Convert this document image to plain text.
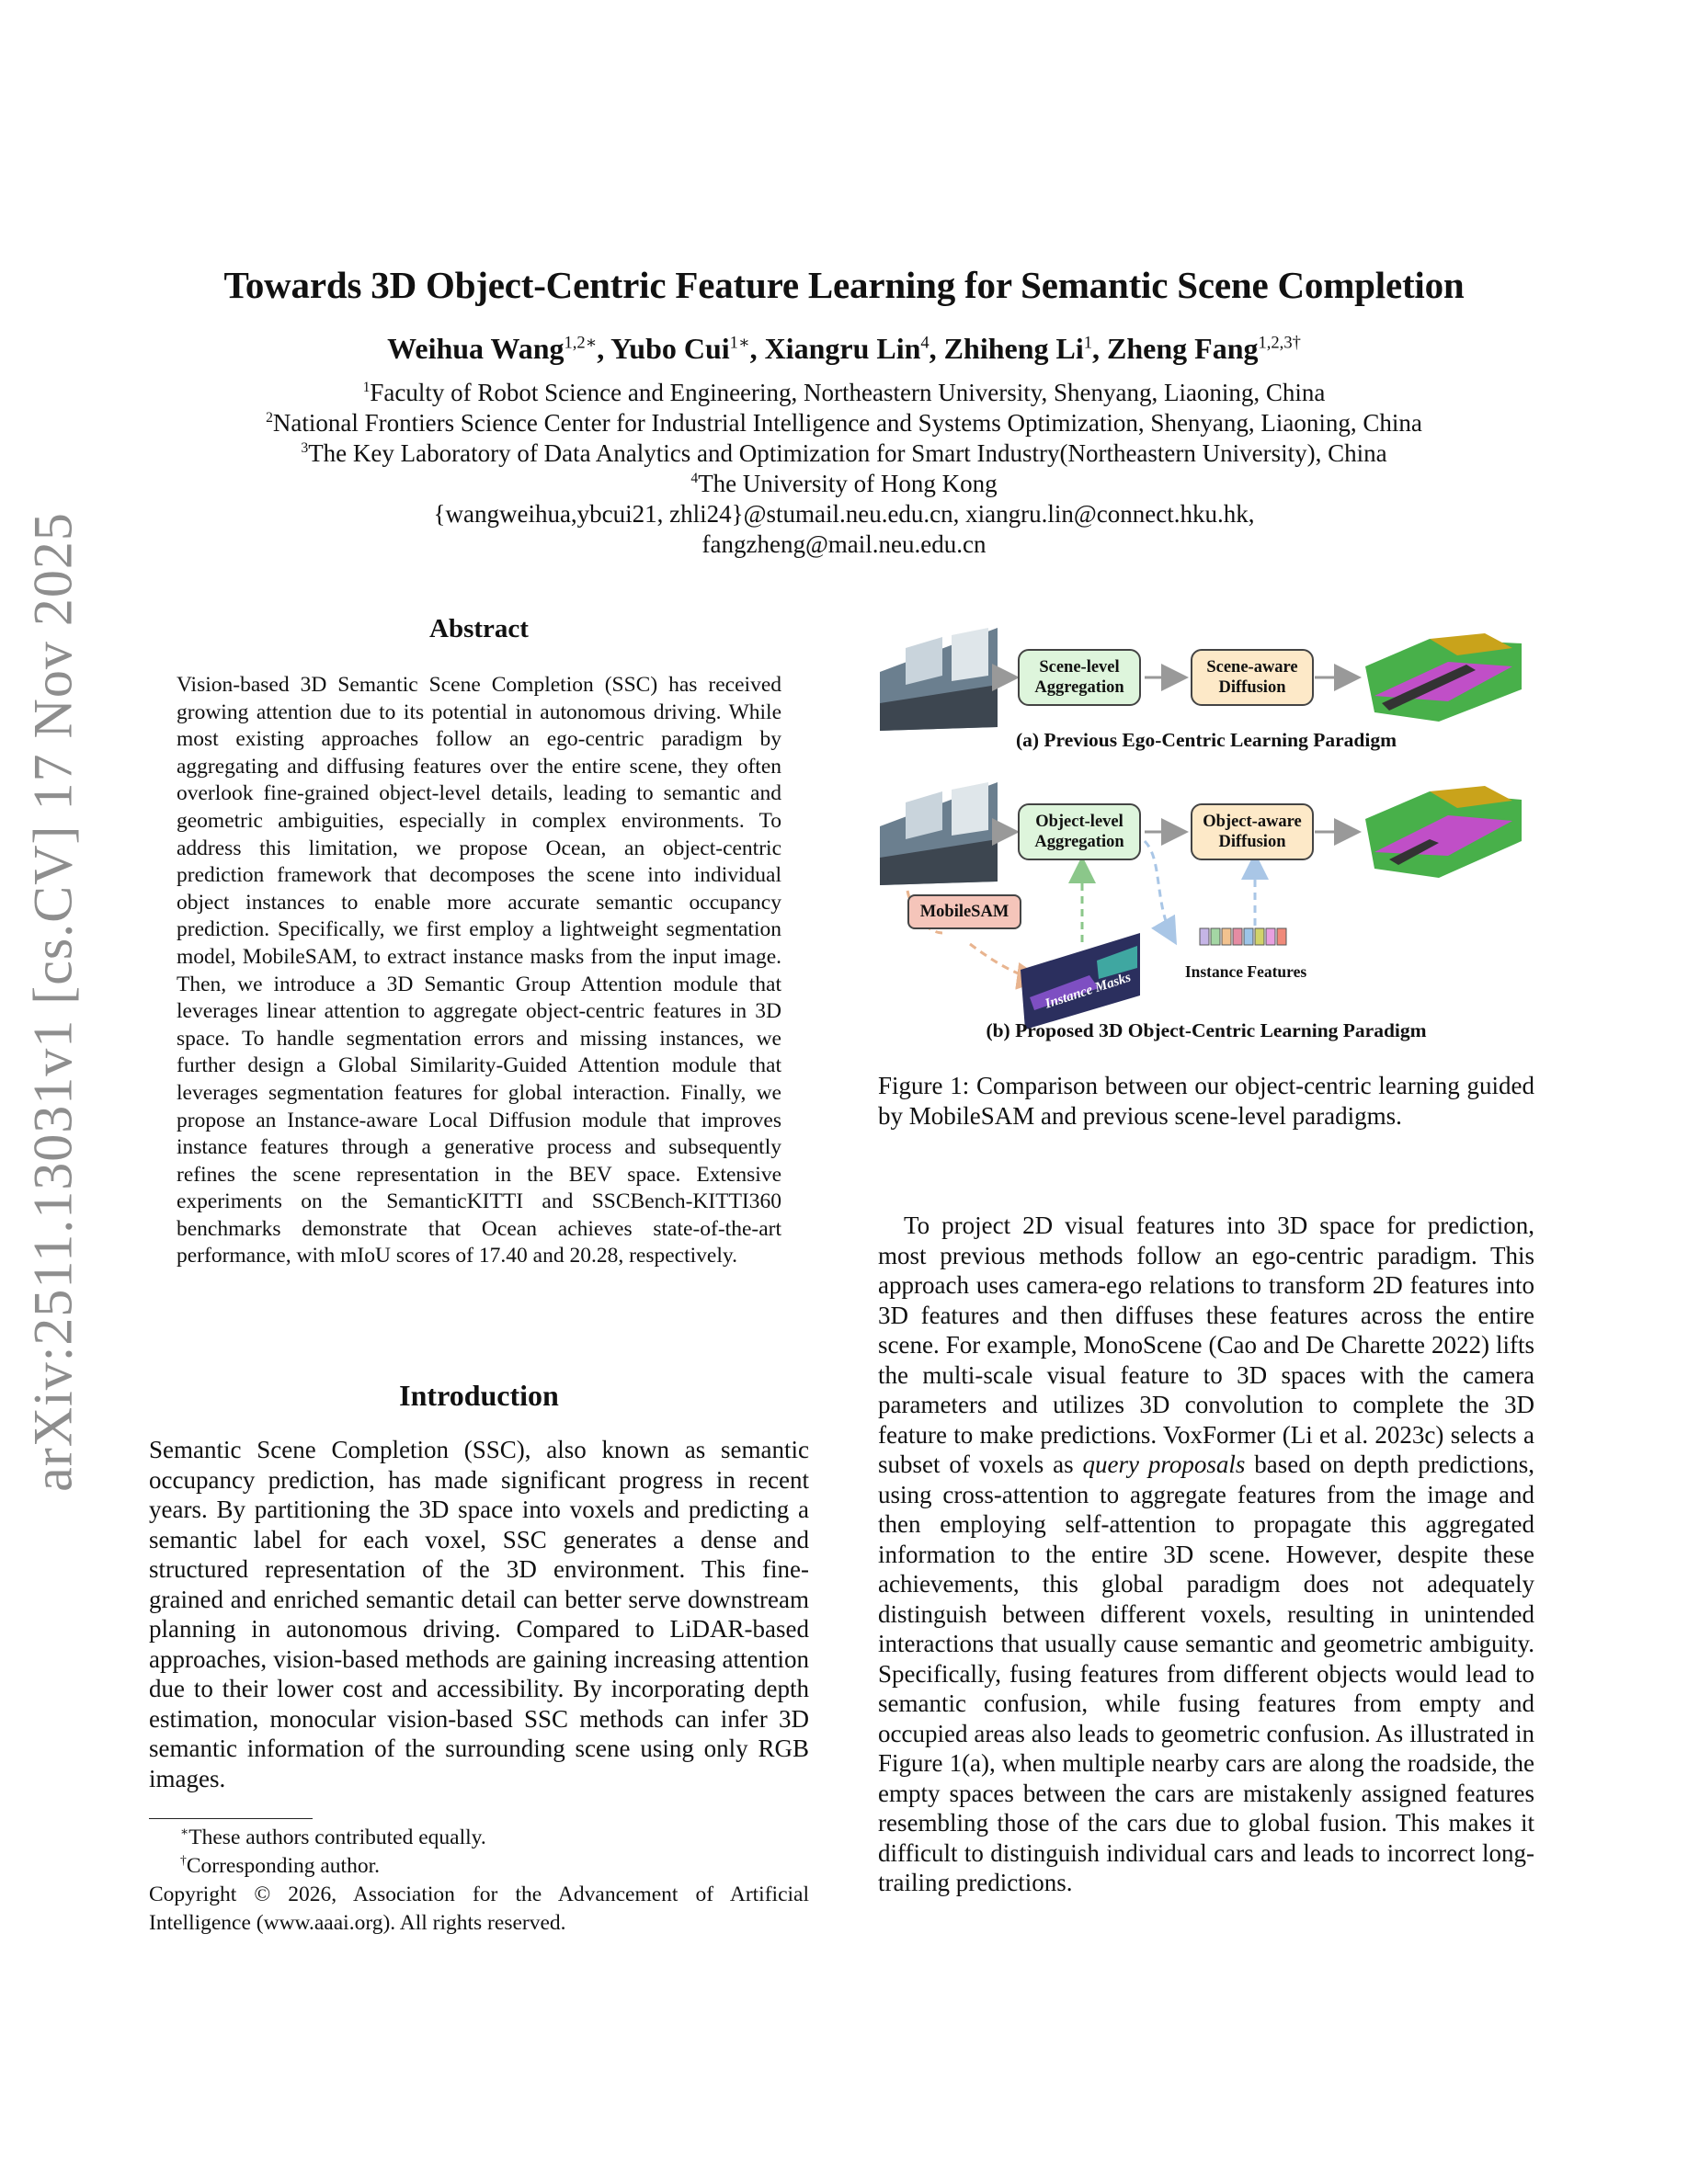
arXiv:2511.13031v1 [cs.CV] 17 Nov 2025
Towards 3D Object-Centric Feature Learning for Semantic Scene Completion
Weihua Wang$^{1,2∗}$, Yubo Cui$^{1∗}$, Xiangru Lin$^4$, Zhiheng Li$^1$, Zheng Fang$^{1,2,3\dagger}$
$^1$Faculty of Robot Science and Engineering, Northeastern University, Shenyang, Liaoning, China
$^2$National Frontiers Science Center for Industrial Intelligence and Systems Optimization, Shenyang, Liaoning, China
$^3$The Key Laboratory of Data Analytics and Optimization for Smart Industry(Northeastern University), China
$^4$The University of Hong Kong
{wangweihua,ybcui21, zhli24}@stumail.neu.edu.cn, xiangru.lin@connect.hku.hk,
fangzheng@mail.neu.edu.cn
Abstract

Vision-based 3D Semantic Scene Completion (SSC) has received growing attention due to its potential in autonomous driving. While most existing approaches follow an ego-centric paradigm by aggregating and diffusing features over the entire scene, they often overlook fine-grained object-level details, leading to semantic and geometric ambiguities, especially in complex environments. To address this limitation, we propose Ocean, an object-centric prediction framework that decomposes the scene into individual object instances to enable more accurate semantic occupancy prediction. Specifically, we first employ a lightweight segmentation model, MobileSAM, to extract instance masks from the input image. Then, we introduce a 3D Semantic Group Attention module that leverages linear attention to aggregate object-centric features in 3D space. To handle segmentation errors and missing instances, we further design a Global Similarity-Guided Attention module that leverages segmentation features for global interaction. Finally, we propose an Instance-aware Local Diffusion module that improves instance features through a generative process and subsequently refines the scene representation in the BEV space. Extensive experiments on the SemanticKITTI and SSCBench-KITTI360 benchmarks demonstrate that Ocean achieves state-of-the-art performance, with mIoU scores of 17.40 and 20.28, respectively.

Introduction

Semantic Scene Completion (SSC), also known as semantic occupancy prediction, has made significant progress in recent years. By partitioning the 3D space into voxels and predicting a semantic label for each voxel, SSC generates a dense and structured representation of the 3D environment. This fine-grained and enriched semantic detail can better serve downstream planning in autonomous driving. Compared to LiDAR-based approaches, vision-based methods are gaining increasing attention due to their lower cost and accessibility. By incorporating depth estimation, monocular vision-based SSC methods can infer 3D semantic information of the surrounding scene using only RGB images.

∗These authors contributed equally.
†Corresponding author.
Copyright © 2026, Association for the Advancement of Artificial Intelligence (www.aaai.org). All rights reserved.
Scene-level Aggregation
Scene-aware Diffusion
(a) Previous Ego-Centric Learning Paradigm
Object-level Aggregation
Object-aware Diffusion
MobileSAM
Instance Masks	Instance Features
(b) Proposed 3D Object-Centric Learning Paradigm

Figure 1: Comparison between our object-centric learning guided by MobileSAM and previous scene-level paradigms.

To project 2D visual features into 3D space for prediction, most previous methods follow an ego-centric paradigm. This approach uses camera-ego relations to transform 2D features into 3D features and then diffuses these features across the entire scene. For example, MonoScene (Cao and De Charette 2022) lifts the multi-scale visual feature to 3D spaces with the camera parameters and utilizes 3D convolution to complete the 3D feature to make predictions. VoxFormer (Li et al. 2023c) selects a subset of voxels as query proposals based on depth predictions, using cross-attention to aggregate features from the image and then employing self-attention to propagate this aggregated information to the entire 3D scene. However, despite these achievements, this global paradigm does not adequately distinguish between different voxels, resulting in unintended interactions that usually cause semantic and geometric ambiguity. Specifically, fusing features from different objects would lead to semantic confusion, while fusing features from empty and occupied areas also leads to geometric confusion. As illustrated in Figure 1(a), when multiple nearby cars are along the roadside, the empty spaces between the cars are mistakenly assigned features resembling those of the cars due to global fusion. This makes it difficult to distinguish individual cars and leads to incorrect long-trailing predictions.
